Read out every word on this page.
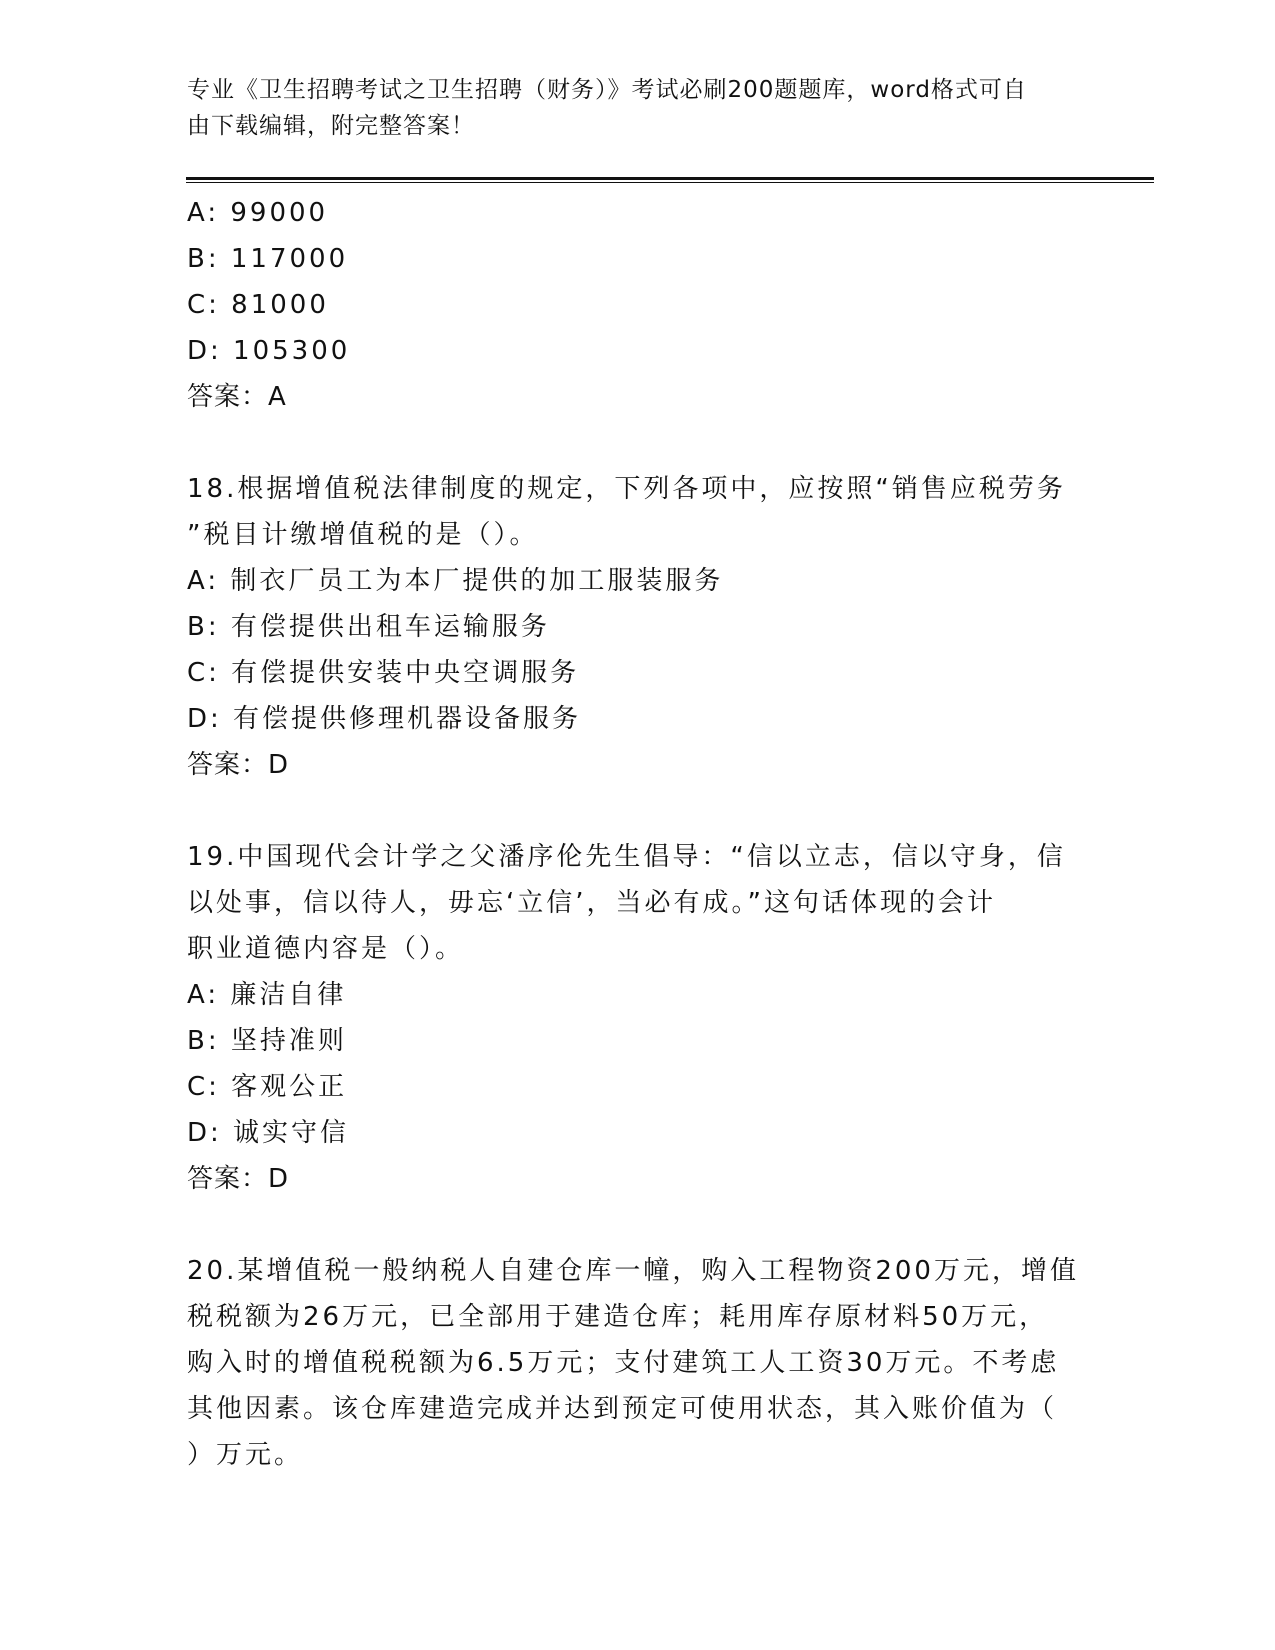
专业《卫生招聘考试之卫生招聘（财务）》考试必刷200题题库，word格式可自
由下载编辑，附完整答案！
A: 99000
B: 117000
C: 81000
D: 105300
答案：A
18.根据增值税法律制度的规定，下列各项中，应按照“销售应税劳务
”税目计缴增值税的是（）。
A: 制衣厂员工为本厂提供的加工服装服务
B: 有偿提供出租车运输服务
C: 有偿提供安装中央空调服务
D: 有偿提供修理机器设备服务
答案：D
19.中国现代会计学之父潘序伦先生倡导：“信以立志，信以守身，信
以处事，信以待人，毋忘‘立信’，当必有成。”这句话体现的会计
职业道德内容是（）。
A: 廉洁自律
B: 坚持准则
C: 客观公正
D: 诚实守信
答案：D
20.某增值税一般纳税人自建仓库一幢，购入工程物资200万元，增值
税税额为26万元，已全部用于建造仓库；耗用库存原材料50万元，
购入时的增值税税额为6.5万元；支付建筑工人工资30万元。不考虑
其他因素。该仓库建造完成并达到预定可使用状态，其入账价值为（
）万元。
